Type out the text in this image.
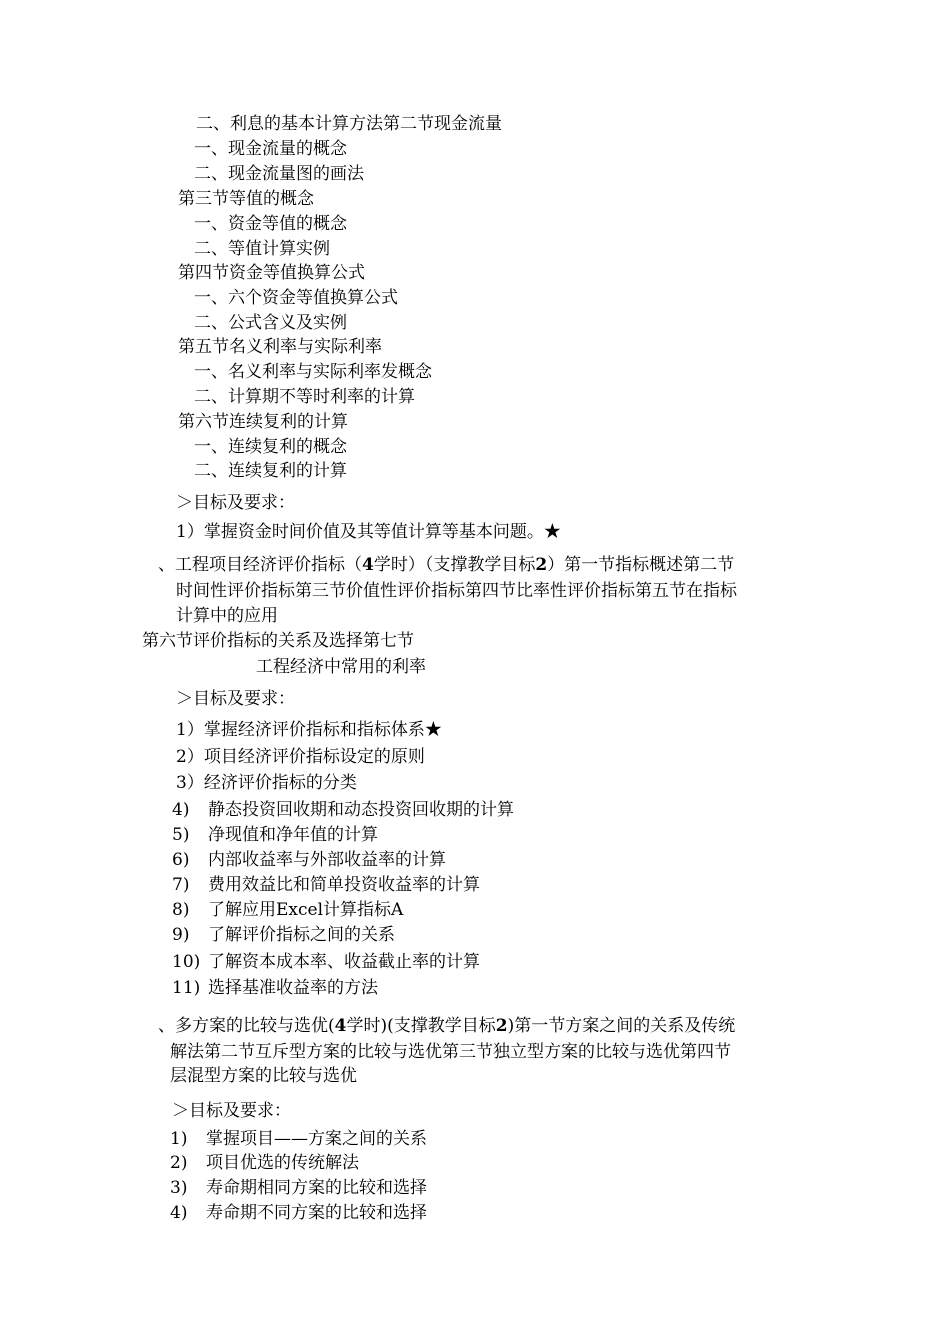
二、利息的基本计算方法第二节现金流量

一、现金流量的概念

二、现金流量图的画法

第三节等值的概念

一、资金等值的概念

二、等值计算实例

第四节资金等值换算公式

一、六个资金等值换算公式

二、公式含义及实例

第五节名义利率与实际利率

一、名义利率与实际利率发概念

二、计算期不等时利率的计算

第六节连续复利的计算

一、连续复利的概念

二、连续复利的计算

＞目标及要求：

1）掌握资金时间价值及其等值计算等基本问题。★

、工程项目经济评价指标（4学时）（支撑教学目标2）第一节指标概述第二节

时间性评价指标第三节价值性评价指标第四节比率性评价指标第五节在指标

计算中的应用

第六节评价指标的关系及选择第七节

工程经济中常用的利率

＞目标及要求：

1）掌握经济评价指标和指标体系★

2）项目经济评价指标设定的原则

3）经济评价指标的分类

4) 静态投资回收期和动态投资回收期的计算

5) 净现值和净年值的计算

6) 内部收益率与外部收益率的计算

7) 费用效益比和简单投资收益率的计算

8) 了解应用Excel计算指标A

9) 了解评价指标之间的关系

10) 了解资本成本率、收益截止率的计算

11) 选择基准收益率的方法

、多方案的比较与选优(4学时)(支撑教学目标2)第一节方案之间的关系及传统

解法第二节互斥型方案的比较与选优第三节独立型方案的比较与选优第四节

层混型方案的比较与选优

＞目标及要求：

1) 掌握项目——方案之间的关系

2) 项目优选的传统解法

3) 寿命期相同方案的比较和选择

4) 寿命期不同方案的比较和选择
